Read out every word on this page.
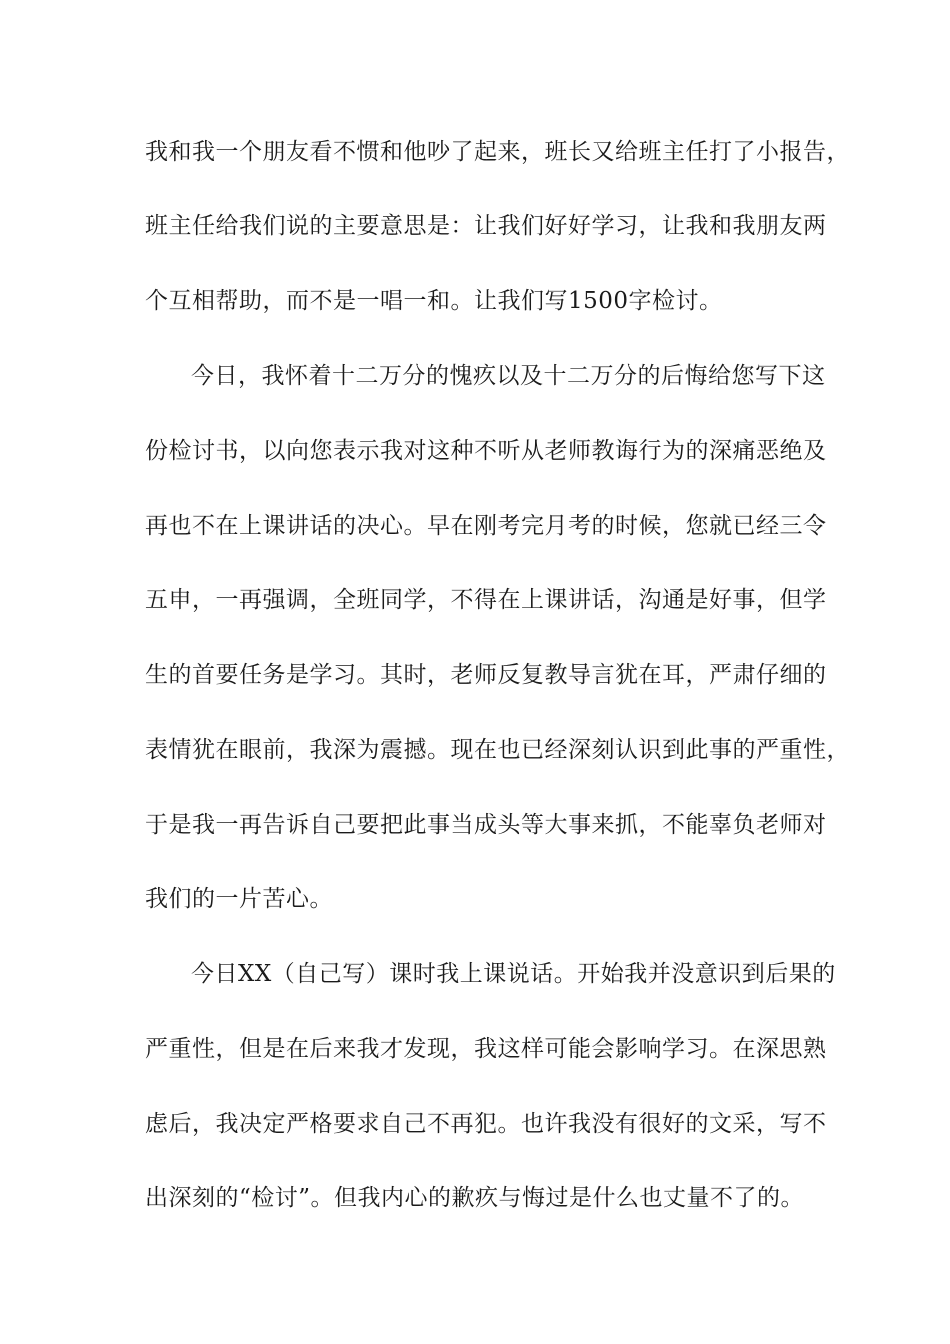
我和我一个朋友看不惯和他吵了起来，班长又给班主任打了小报告，
班主任给我们说的主要意思是：让我们好好学习，让我和我朋友两
个互相帮助，而不是一唱一和。让我们写1500字检讨。
今日，我怀着十二万分的愧疚以及十二万分的后悔给您写下这
份检讨书，以向您表示我对这种不听从老师教诲行为的深痛恶绝及
再也不在上课讲话的决心。早在刚考完月考的时候，您就已经三令
五申，一再强调，全班同学，不得在上课讲话，沟通是好事，但学
生的首要任务是学习。其时，老师反复教导言犹在耳，严肃仔细的
表情犹在眼前，我深为震撼。现在也已经深刻认识到此事的严重性，
于是我一再告诉自己要把此事当成头等大事来抓，不能辜负老师对
我们的一片苦心。
今日XX（自己写）课时我上课说话。开始我并没意识到后果的
严重性，但是在后来我才发现，我这样可能会影响学习。在深思熟
虑后，我决定严格要求自己不再犯。也许我没有很好的文采，写不
出深刻的“检讨”。但我内心的歉疚与悔过是什么也丈量不了的。
